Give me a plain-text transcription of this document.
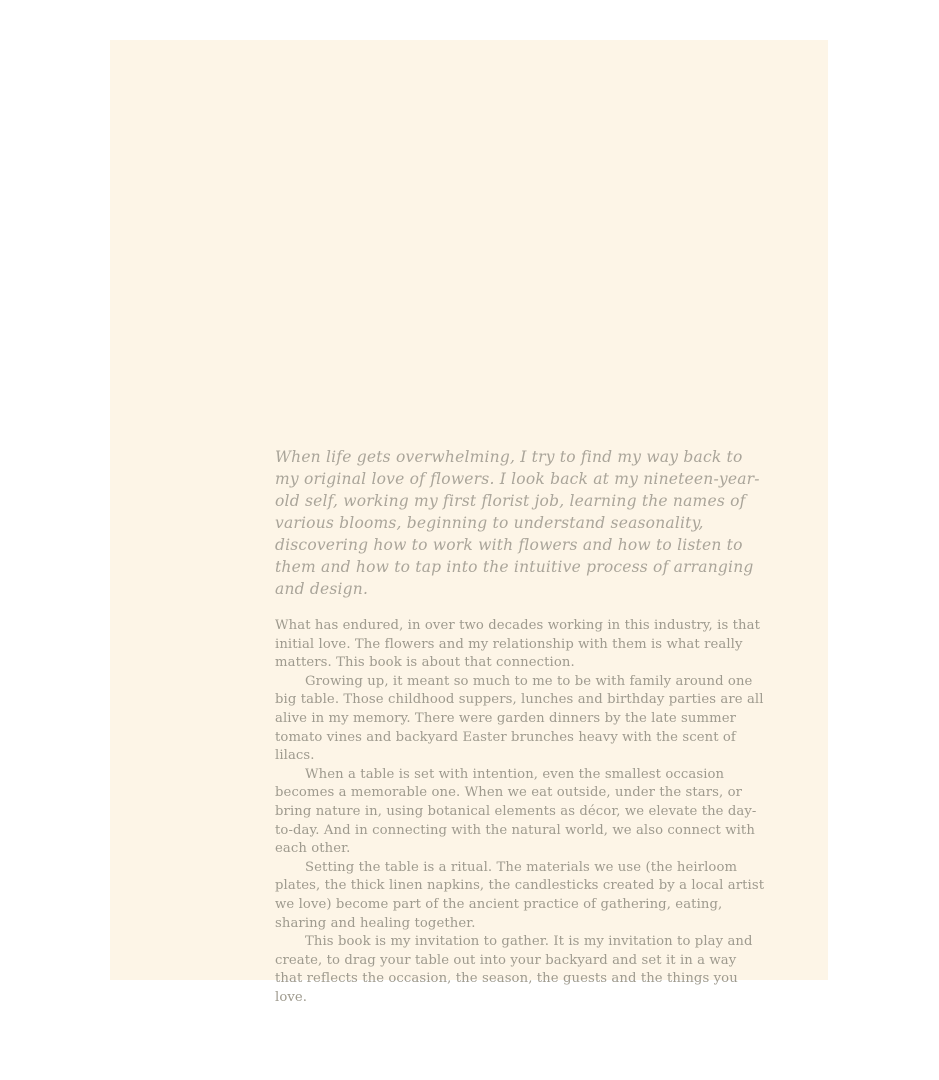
When life gets overwhelming, I try to find my way back to my original love of flowers. I look back at my nineteen-year-old self, working my first florist job, learning the names of various blooms, beginning to understand seasonality, discovering how to work with flowers and how to listen to them and how to tap into the intuitive process of arranging and design.

What has endured, in over two decades working in this industry, is that initial love. The flowers and my relationship with them is what really matters. This book is about that connection.

Growing up, it meant so much to me to be with family around one big table. Those childhood suppers, lunches and birthday parties are all alive in my memory. There were garden dinners by the late summer tomato vines and backyard Easter brunches heavy with the scent of lilacs.

When a table is set with intention, even the smallest occasion becomes a memorable one. When we eat outside, under the stars, or bring nature in, using botanical elements as décor, we elevate the day-to-day. And in connecting with the natural world, we also connect with each other.

Setting the table is a ritual. The materials we use (the heirloom plates, the thick linen napkins, the candlesticks created by a local artist we love) become part of the ancient practice of gathering, eating, sharing and healing together.

This book is my invitation to gather. It is my invitation to play and create, to drag your table out into your backyard and set it in a way that reflects the occasion, the season, the guests and the things you love.
